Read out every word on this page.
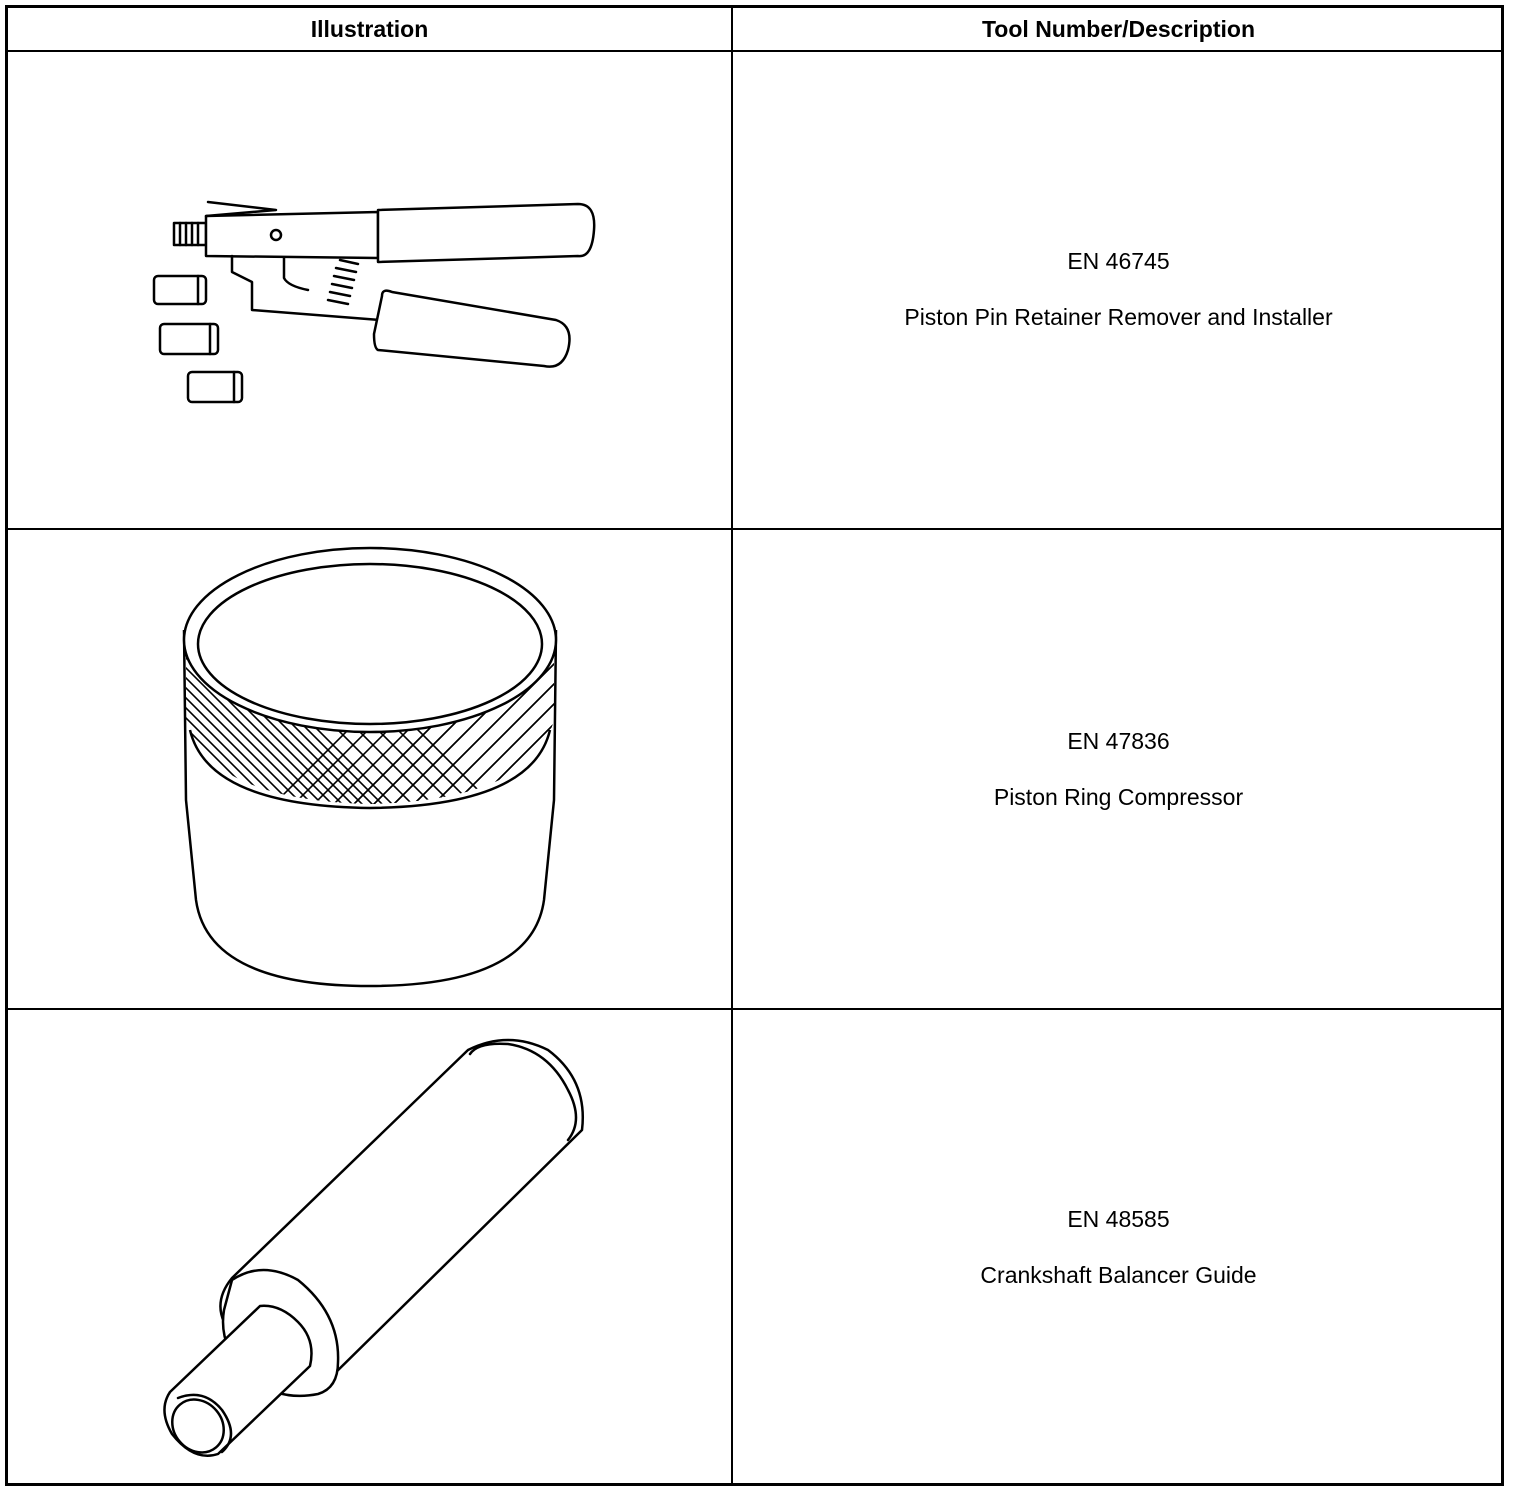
Illustration	Tool Number/Description
EN 46745
Piston Pin Retainer Remover and Installer
EN 47836
Piston Ring Compressor
EN 48585
Crankshaft Balancer Guide
